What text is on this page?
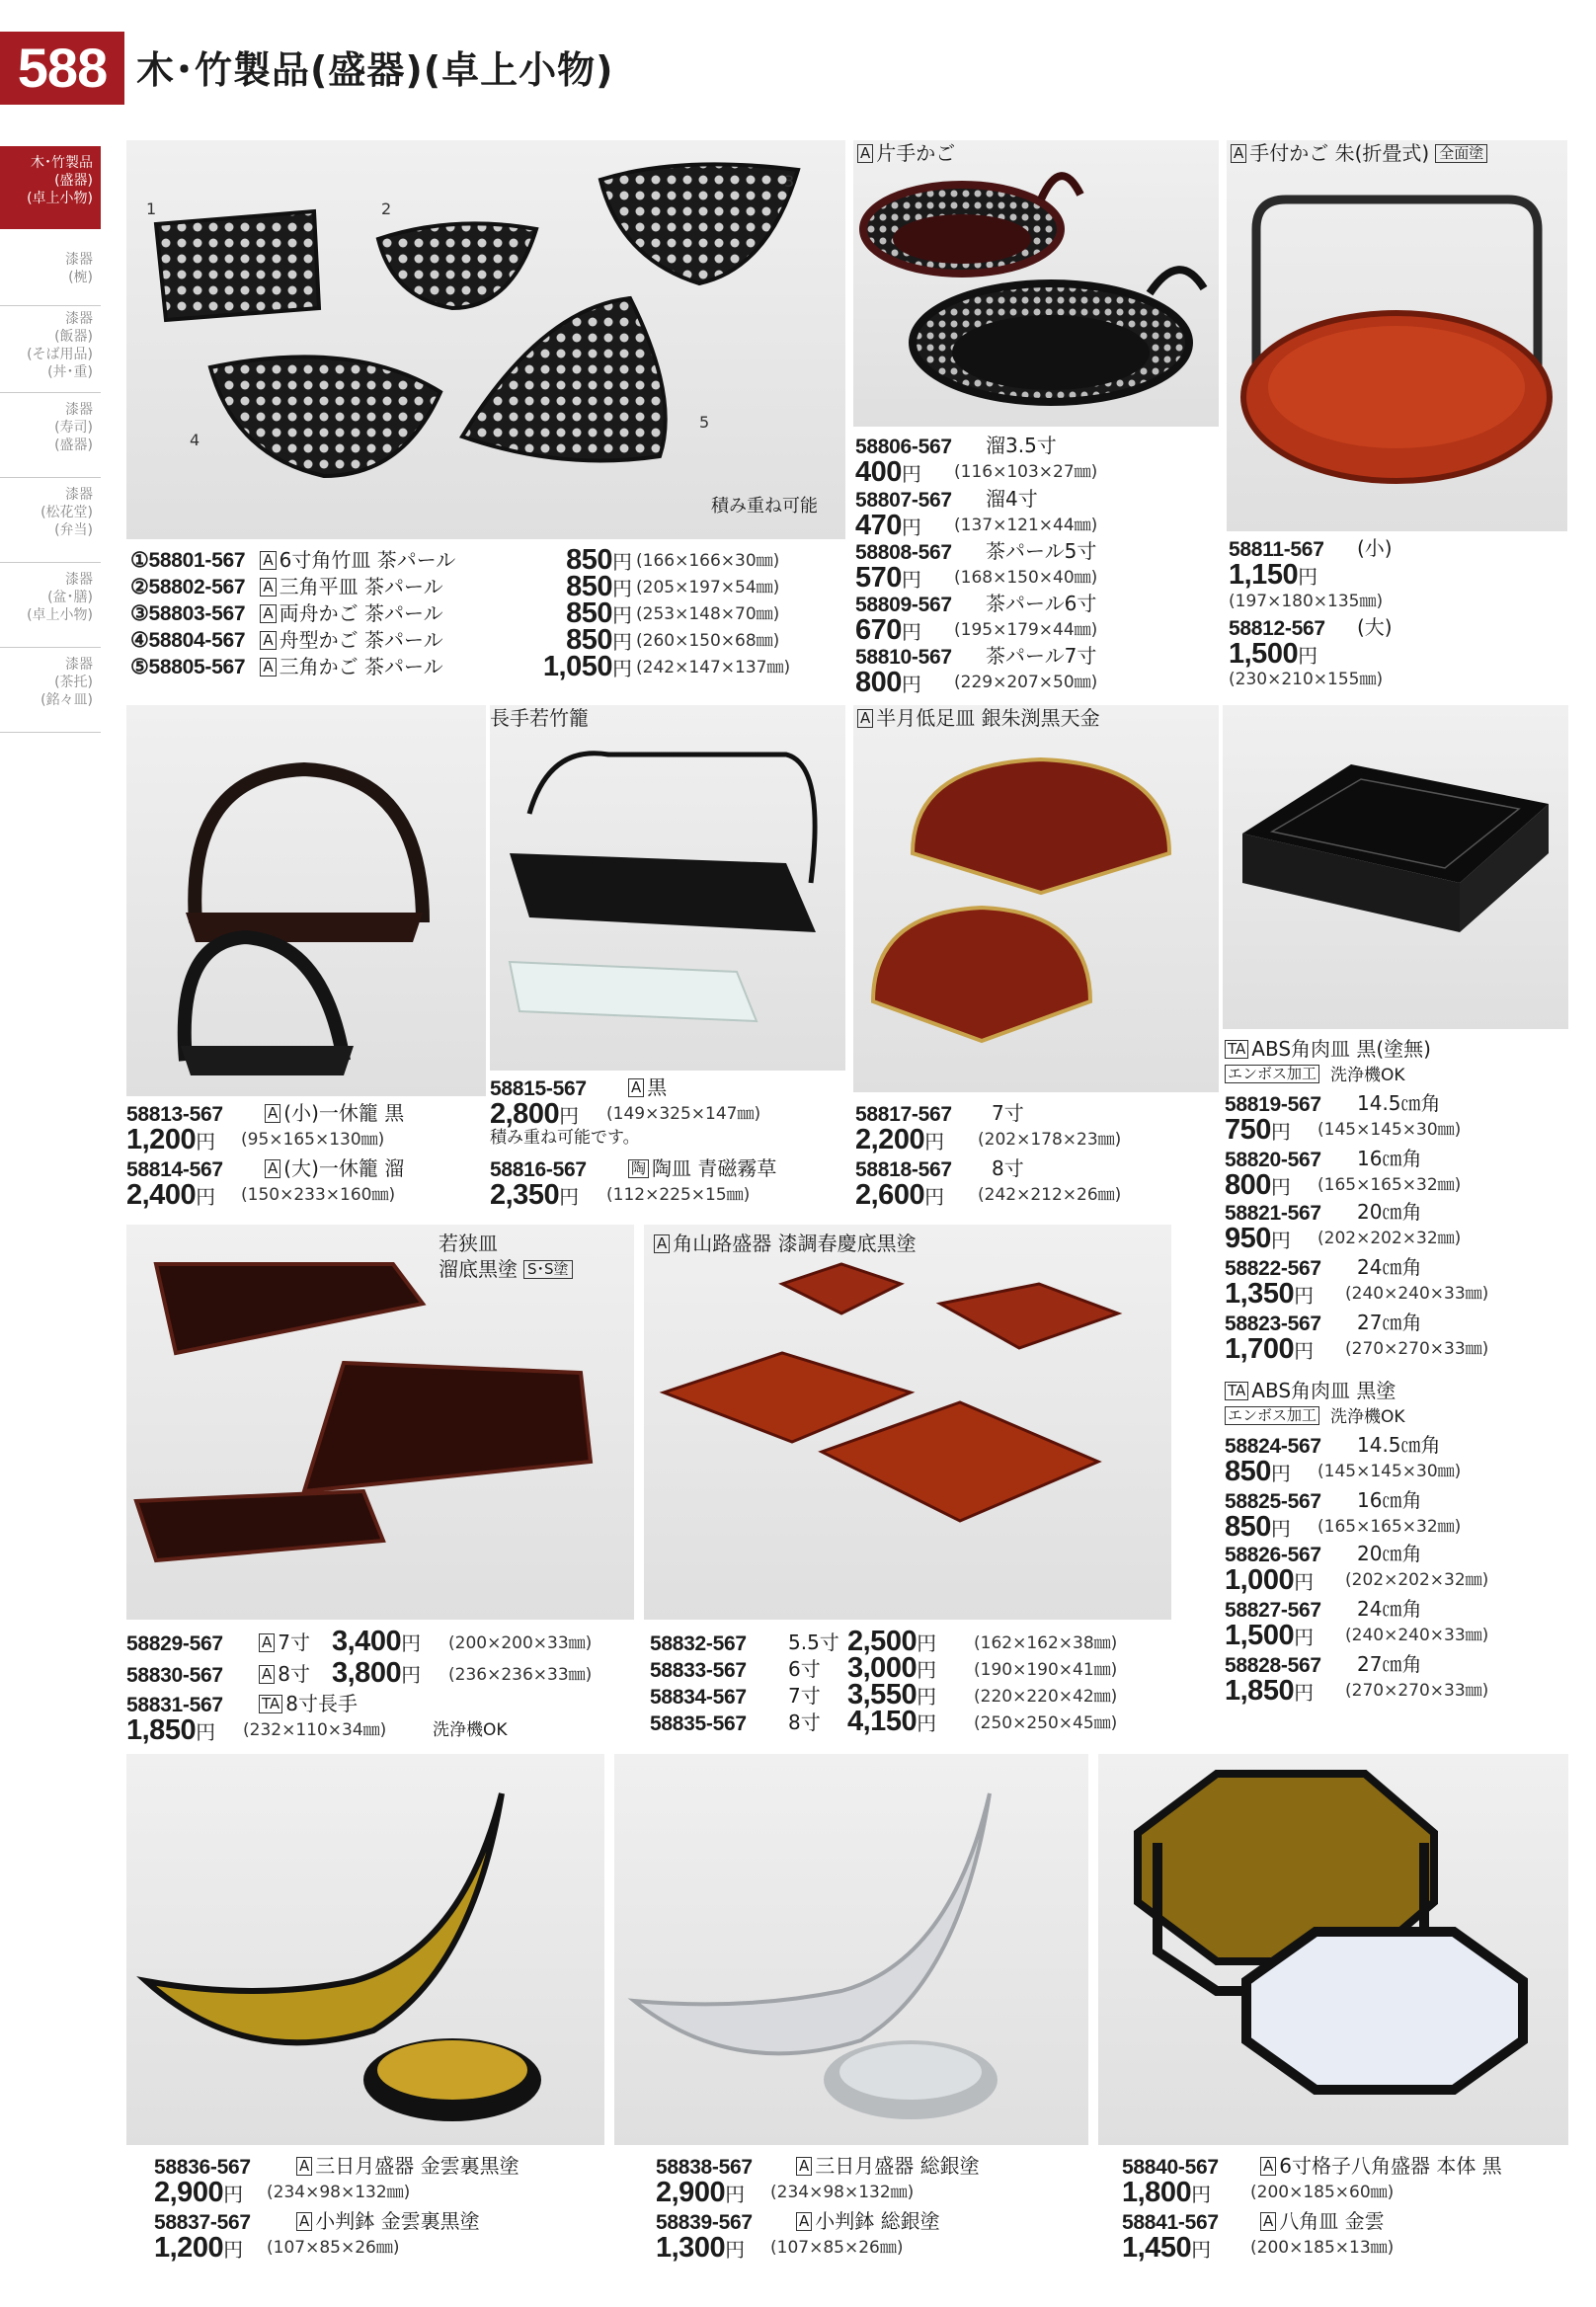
588 木･竹製品(盛器)(卓上小物)
木･竹製品
(盛器)
(卓上小物)
漆器
(椀)
漆器
(飯器)
(そば用品)
(丼･重)
漆器
(寿司)
(盛器)
漆器
(松花堂)
(弁当)
漆器
(盆･膳)
(卓上小物)
漆器
(茶托)
(銘々皿)
1	2
3
4
5
積み重ね可能
A 片手かご	A 手付かご 朱(折畳式) 全面塗
①58801-567 A 6寸角竹皿 茶パール	850円 (166×166×30㎜)
②58802-567 A 三角平皿 茶パール	850円 (205×197×54㎜)
③58803-567 A 両舟かご 茶パール	850円 (253×148×70㎜)
④58804-567 A 舟型かご 茶パール	850円 (260×150×68㎜)
⑤58805-567 A 三角かご 茶パール	1,050円 (242×147×137㎜)
58806-567 溜3.5寸
400円 (116×103×27㎜)
58807-567 溜4寸
470円 (137×121×44㎜)
58808-567 茶パール5寸
570円 (168×150×40㎜)
58809-567 茶パール6寸
670円 (195×179×44㎜)
58810-567 茶パール7寸
800円 (229×207×50㎜)
58811-567 (小)
1,150円
(197×180×135㎜)
58812-567 (大)
1,500円
(230×210×155㎜)
長手若竹籠	A 半月低足皿 銀朱渕黒天金
58813-567	A (小)一休籠 黒
1,200円 (95×165×130㎜)
58814-567	A (大)一休籠 溜
2,400円 (150×233×160㎜)
58815-567	A 黒
2,800円 (149×325×147㎜)
積み重ね可能です。
58816-567	陶 陶皿 青磁霧草
2,350円 (112×225×15㎜)
58817-567 7寸
2,200円 (202×178×23㎜)
58818-567 8寸
2,600円 (242×212×26㎜)
TA ABS角肉皿 黒(塗無)
エンボス加工 洗浄機OK
58819-567 14.5㎝角
750円 (145×145×30㎜)
58820-567 16㎝角
800円 (165×165×32㎜)
58821-567 20㎝角
950円 (202×202×32㎜)
58822-567 24㎝角
1,350円 (240×240×33㎜)
58823-567 27㎝角
1,700円 (270×270×33㎜)
TA ABS角肉皿 黒塗
エンボス加工 洗浄機OK
58824-567 14.5㎝角
850円 (145×145×30㎜)
58825-567 16㎝角
850円 (165×165×32㎜)
58826-567 20㎝角
1,000円 (202×202×32㎜)
58827-567 24㎝角
1,500円 (240×240×33㎜)
58828-567 27㎝角
1,850円 (270×270×33㎜)
若狭皿
溜底黒塗 S･S塗
A 角山路盛器 漆調春慶底黒塗
58829-567	A 7寸 3,400円 (200×200×33㎜)
58830-567	A 8寸 3,800円 (236×236×33㎜)
58831-567	TA 8寸長手
1,850円 (232×110×34㎜)	洗浄機OK
58832-567 5.5寸 2,500円 (162×162×38㎜)
58833-567 6寸 3,000円 (190×190×41㎜)
58834-567 7寸 3,550円 (220×220×42㎜)
58835-567 8寸 4,150円 (250×250×45㎜)
58836-567	A 三日月盛器 金雲裏黒塗
2,900円 (234×98×132㎜)
58837-567	A 小判鉢 金雲裏黒塗
1,200円 (107×85×26㎜)
58838-567	A 三日月盛器 総銀塗
2,900円 (234×98×132㎜)
58839-567	A 小判鉢 総銀塗
1,300円 (107×85×26㎜)
58840-567	A 6寸格子八角盛器 本体 黒
1,800円 (200×185×60㎜)
58841-567	A 八角皿 金雲
1,450円 (200×185×13㎜)
